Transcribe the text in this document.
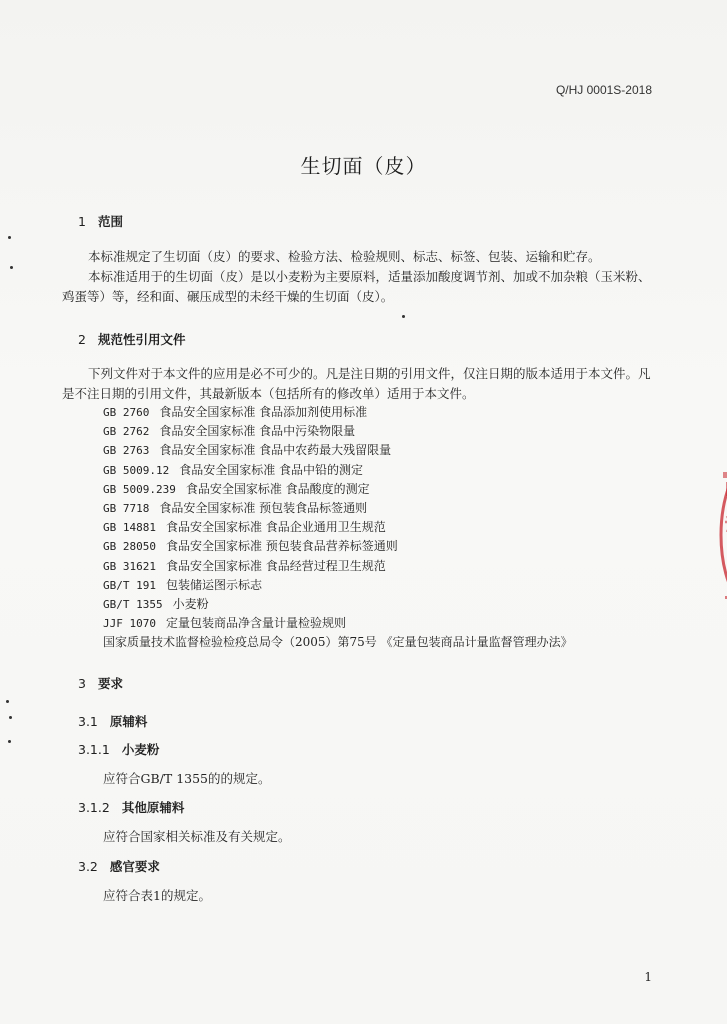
Q/HJ 0001S-2018
生切面（皮）
1 范围
本标准规定了生切面（皮）的要求、检验方法、检验规则、标志、标签、包装、运输和贮存。
本标准适用于的生切面（皮）是以小麦粉为主要原料，适量添加酸度调节剂、加或不加杂粮（玉米粉、鸡蛋等）等，经和面、碾压成型的未经干燥的生切面（皮）。
2 规范性引用文件
下列文件对于本文件的应用是必不可少的。凡是注日期的引用文件，仅注日期的版本适用于本文件。凡是不注日期的引用文件，其最新版本（包括所有的修改单）适用于本文件。
GB 2760 食品安全国家标准 食品添加剂使用标准
GB 2762 食品安全国家标准 食品中污染物限量
GB 2763 食品安全国家标准 食品中农药最大残留限量
GB 5009.12 食品安全国家标准 食品中铅的测定
GB 5009.239 食品安全国家标准 食品酸度的测定
GB 7718 食品安全国家标准 预包装食品标签通则
GB 14881 食品安全国家标准 食品企业通用卫生规范
GB 28050 食品安全国家标准 预包装食品营养标签通则
GB 31621 食品安全国家标准 食品经营过程卫生规范
GB/T 191 包装储运图示标志
GB/T 1355 小麦粉
JJF 1070 定量包装商品净含量计量检验规则
国家质量技术监督检验检疫总局令（2005）第75号 《定量包装商品计量监督管理办法》
3 要求
3.1 原辅料
3.1.1 小麦粉
应符合GB/T 1355的的规定。
3.1.2 其他原辅料
应符合国家相关标准及有关规定。
3.2 感官要求
应符合表1的规定。
1
